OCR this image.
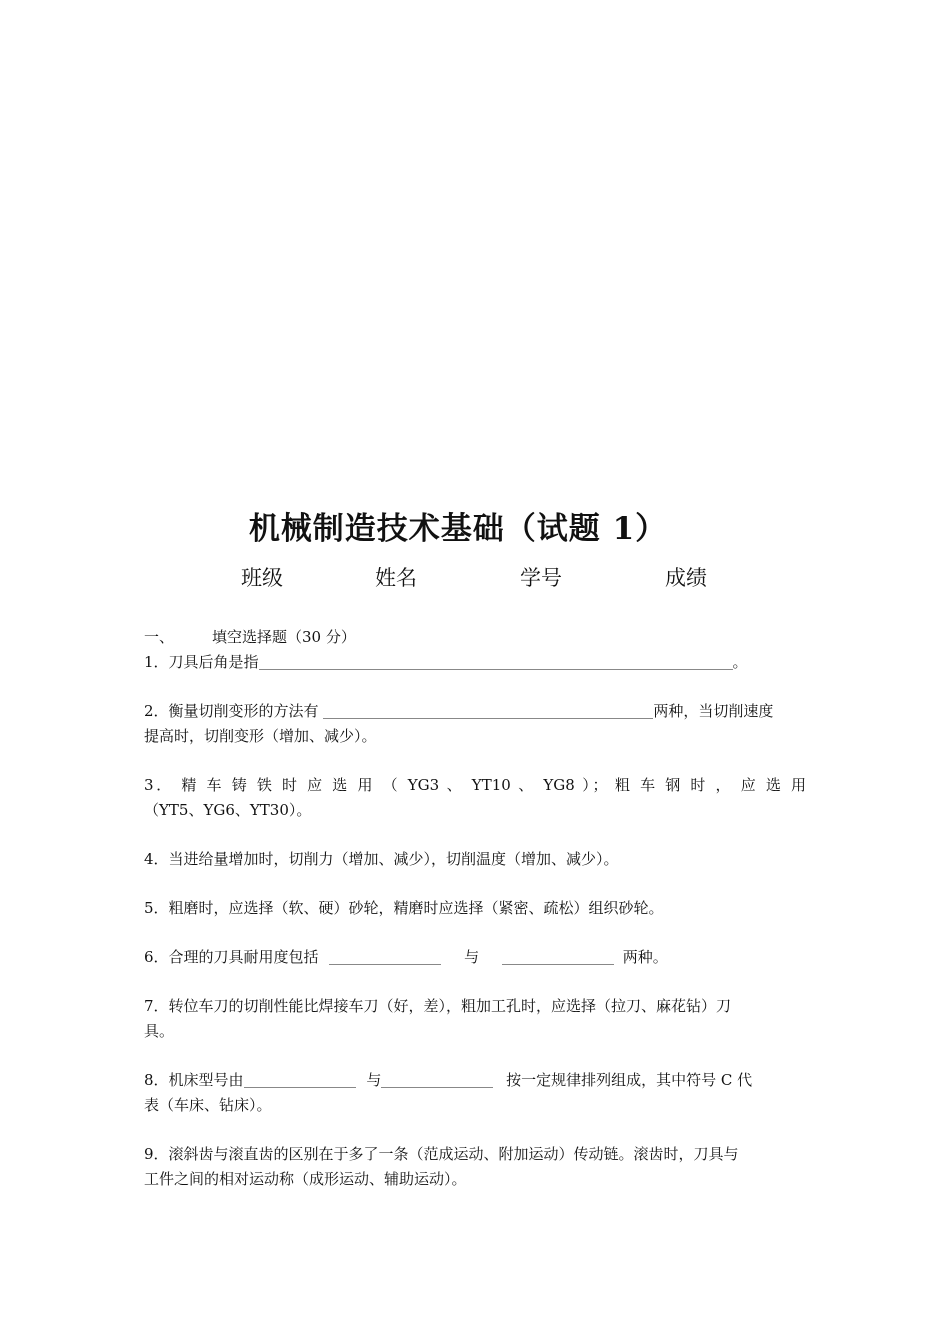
机械制造技术基础（试题 1）
班级	姓名	学号	成绩
一、	填空选择题（30 分）
1．刀具后角是指	。
2．衡量切削变形的方法有	两种，当切削速度
提高时，切削变形（增加、减少）。
3． 精 车 铸 铁 时 应 选 用 （ YG3 、 YT10 、 YG8 ）； 粗 车 钢 时 ， 应 选 用
（YT5、YG6、YT30）。
4．当进给量增加时，切削力（增加、减少），切削温度（增加、减少）。
5．粗磨时，应选择（软、硬）砂轮，精磨时应选择（紧密、疏松）组织砂轮。
6．合理的刀具耐用度包括	与	两种。
7．转位车刀的切削性能比焊接车刀（好，差），粗加工孔时，应选择（拉刀、麻花钻）刀
具。
8．机床型号由	与	按一定规律排列组成，其中符号 C 代
表（车床、钻床）。
9．滚斜齿与滚直齿的区别在于多了一条（范成运动、附加运动）传动链。滚齿时，刀具与
工件之间的相对运动称（成形运动、辅助运动）。
